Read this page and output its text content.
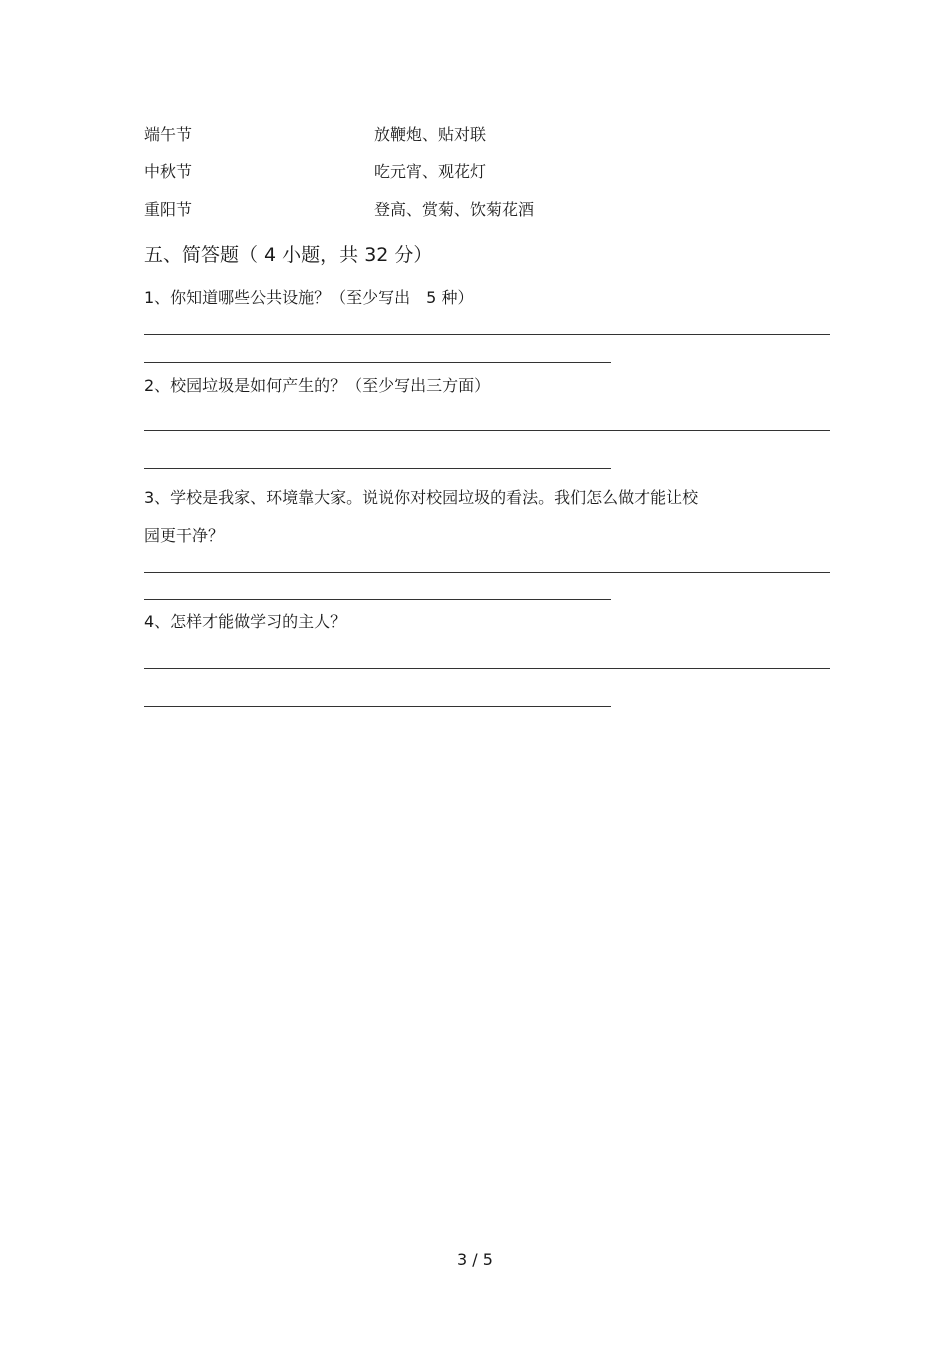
端午节	放鞭炮、贴对联
中秋节	吃元宵、观花灯
重阳节	登高、赏菊、饮菊花酒
五、简答题（ 4 小题，共 32 分）
1、你知道哪些公共设施？（至少写出　5 种）
2、校园垃圾是如何产生的？（至少写出三方面）
3、学校是我家、环境靠大家。说说你对校园垃圾的看法。我们怎么做才能让校
园更干净？
4、怎样才能做学习的主人？
3 / 5
